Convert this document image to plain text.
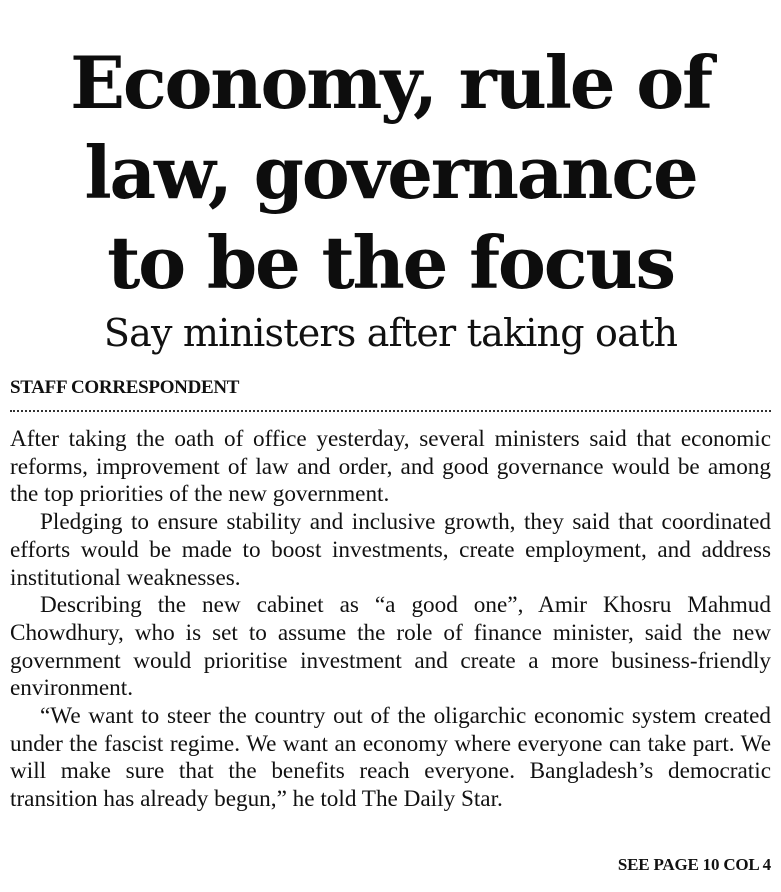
Economy, rule of
law, governance
to be the focus
Say ministers after taking oath
STAFF CORRESPONDENT

After taking the oath of office yesterday, several ministers said that economic reforms, improvement of law and order, and good governance would be among the top priorities of the new government.

Pledging to ensure stability and inclusive growth, they said that coordinated efforts would be made to boost investments, create employment, and address institutional weaknesses.

Describing the new cabinet as “a good one”, Amir Khosru Mahmud Chowdhury, who is set to assume the role of finance minister, said the new government would prioritise investment and create a more business-friendly environment.

“We want to steer the country out of the oligarchic economic system created under the fascist regime. We want an economy where everyone can take part. We will make sure that the benefits reach everyone. Bangladesh’s democratic transition has already begun,” he told The Daily Star.

SEE PAGE 10 COL 4
